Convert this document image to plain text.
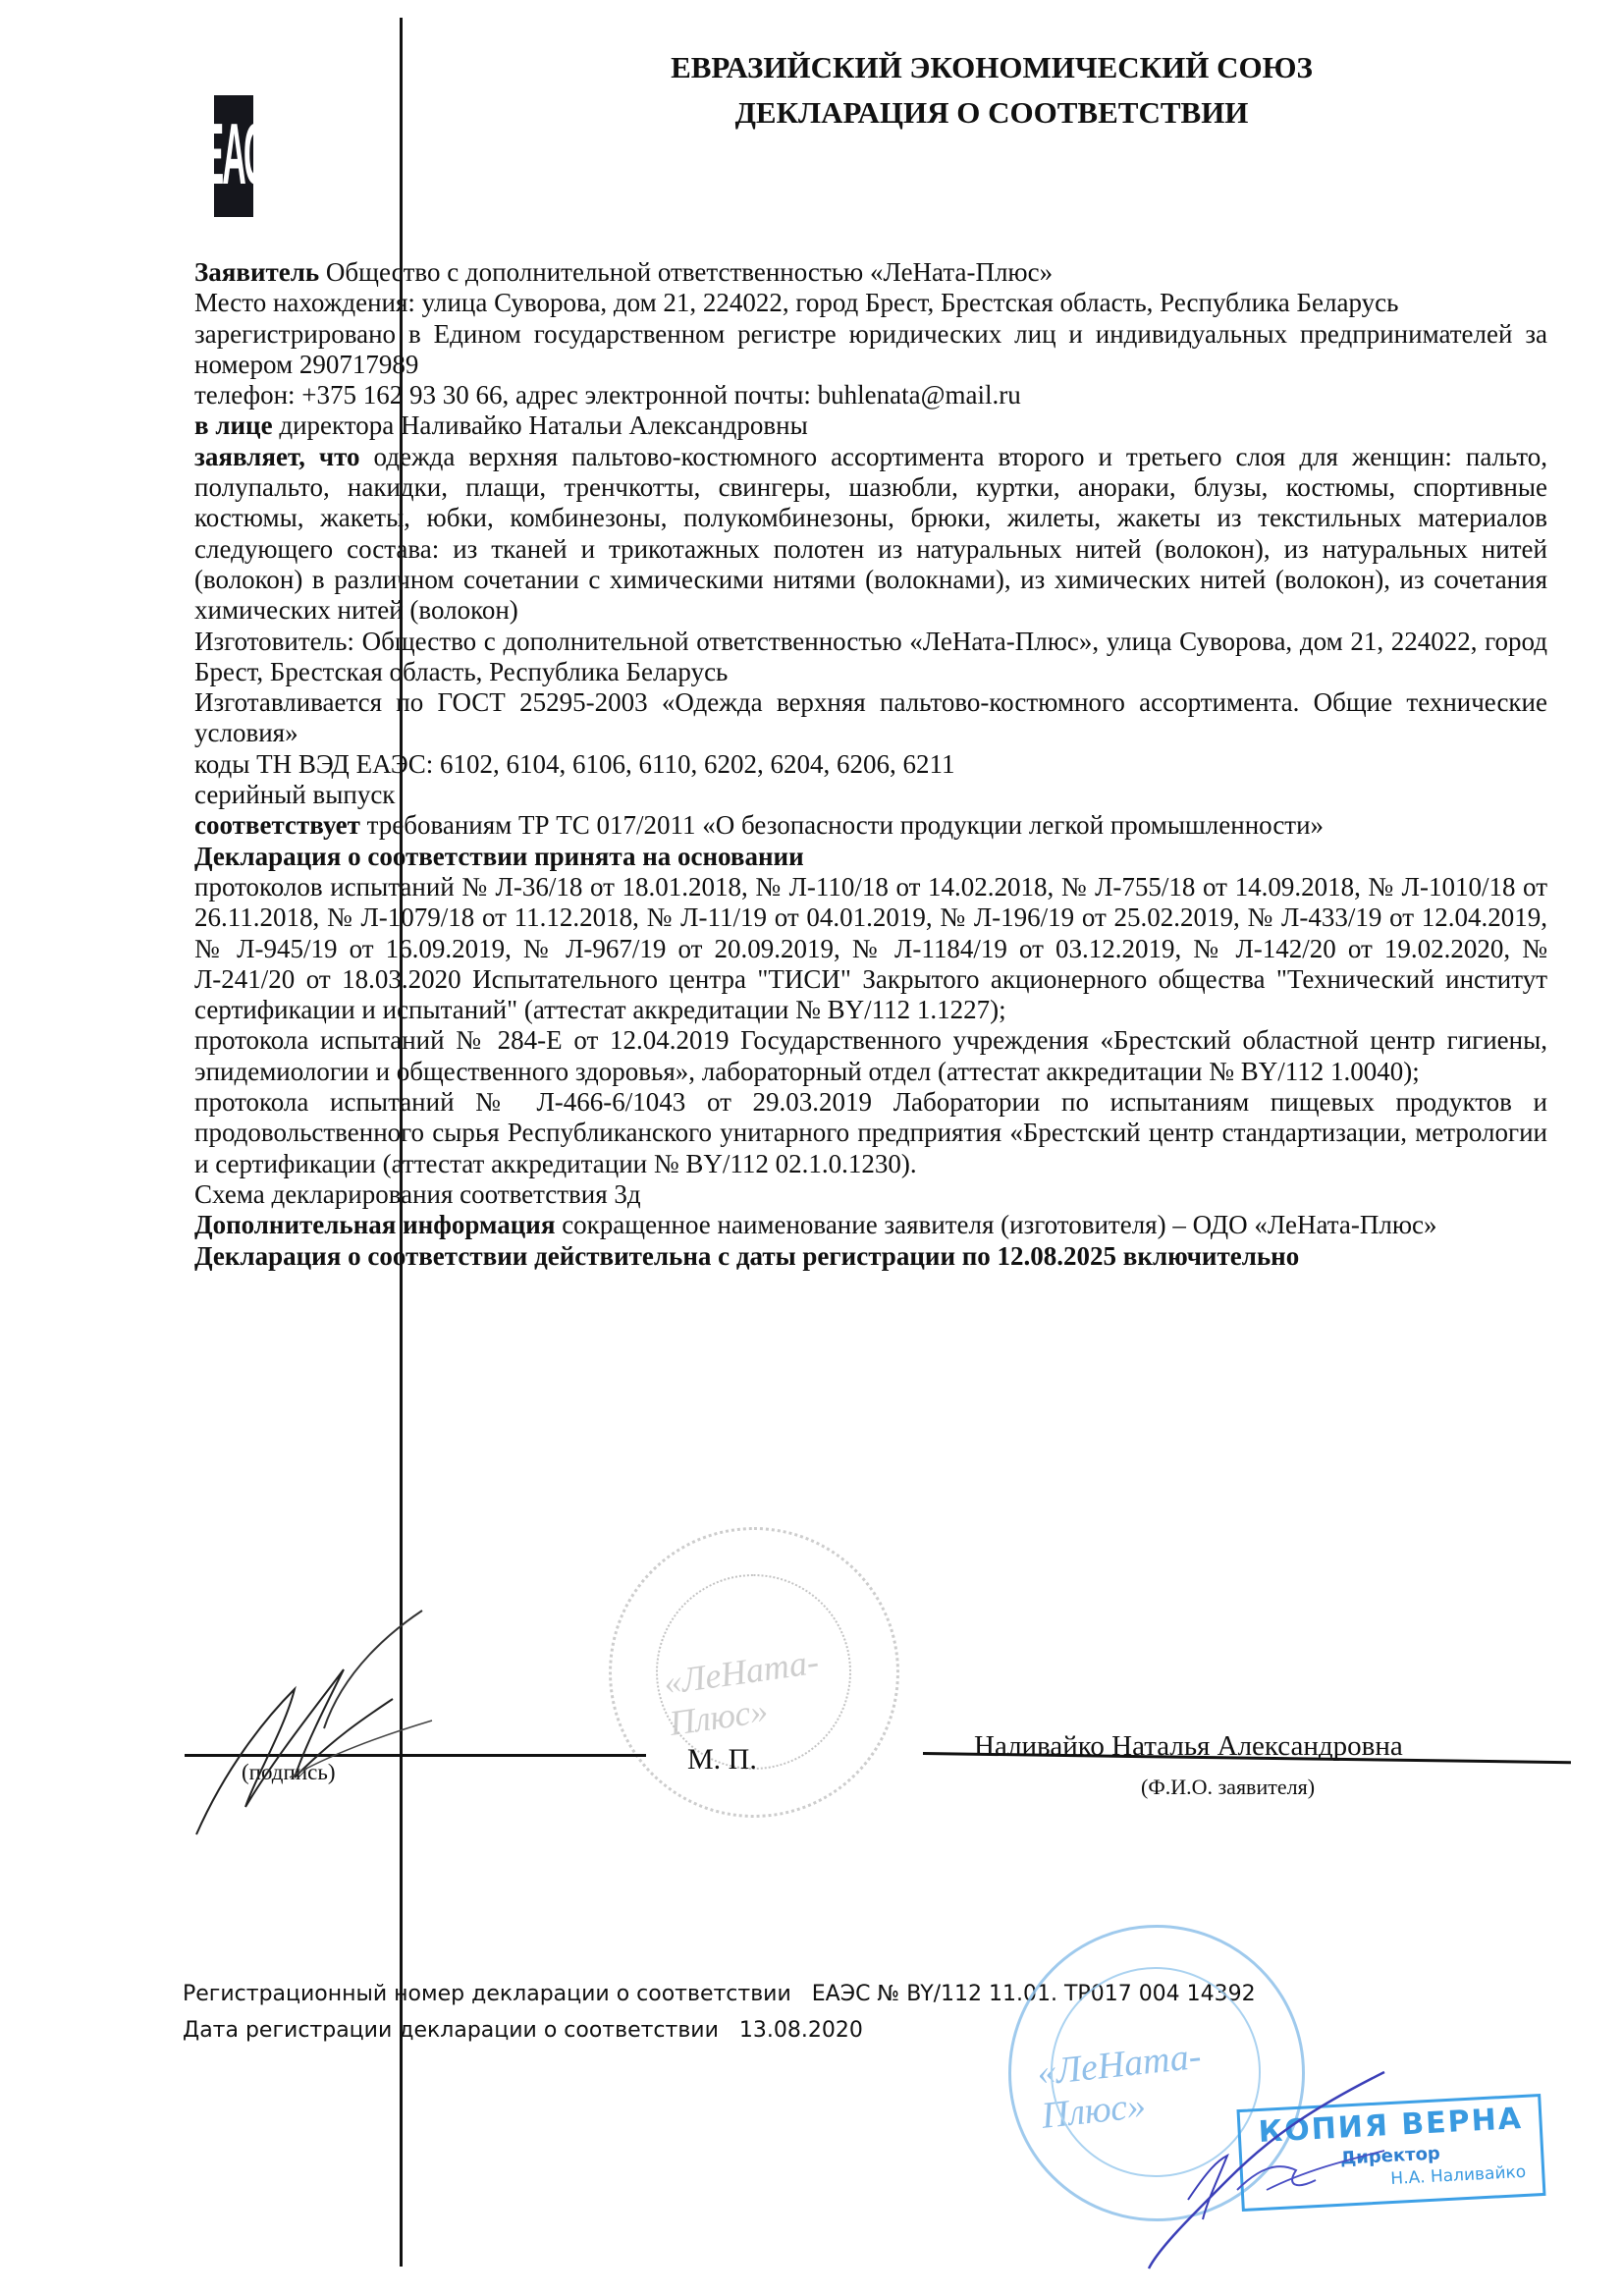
ЕАС
ЕВРАЗИЙСКИЙ ЭКОНОМИЧЕСКИЙ СОЮЗ
ДЕКЛАРАЦИЯ О СООТВЕТСТВИИ

Заявитель Общество с дополнительной ответственностью «ЛеНата-Плюс»

Место нахождения: улица Суворова, дом 21, 224022, город Брест, Брестская область, Республика Беларусь

зарегистрировано в Едином государственном регистре юридических лиц и индивидуальных предпринимателей за номером 290717989

телефон: +375 162 93 30 66, адрес электронной почты: buhlenata@mail.ru

в лице директора Наливайко Натальи Александровны

заявляет, что одежда верхняя пальтово-костюмного ассортимента второго и третьего слоя для женщин: пальто, полупальто, накидки, плащи, тренчкотты, свингеры, шазюбли, куртки, анораки, блузы, костюмы, спортивные костюмы, жакеты, юбки, комбинезоны, полукомбинезоны, брюки, жилеты, жакеты из текстильных материалов следующего состава: из тканей и трикотажных полотен из натуральных нитей (волокон), из натуральных нитей (волокон) в различном сочетании с химическими нитями (волокнами), из химических нитей (волокон), из сочетания химических нитей (волокон)

Изготовитель: Общество с дополнительной ответственностью «ЛеНата-Плюс», улица Суворова, дом 21, 224022, город Брест, Брестская область, Республика Беларусь

Изготавливается по ГОСТ 25295-2003 «Одежда верхняя пальтово-костюмного ассортимента. Общие технические условия»

коды ТН ВЭД ЕАЭС: 6102, 6104, 6106, 6110, 6202, 6204, 6206, 6211

серийный выпуск

соответствует требованиям ТР ТС 017/2011 «О безопасности продукции легкой промышленности»

Декларация о соответствии принята на основании

протоколов испытаний № Л-36/18 от 18.01.2018, № Л-110/18 от 14.02.2018, № Л-755/18 от 14.09.2018, № Л-1010/18 от 26.11.2018, № Л-1079/18 от 11.12.2018, № Л-11/19 от 04.01.2019, № Л-196/19 от 25.02.2019, № Л-433/19 от 12.04.2019, № Л-945/19 от 16.09.2019, № Л-967/19 от 20.09.2019, № Л-1184/19 от 03.12.2019, № Л-142/20 от 19.02.2020, № Л-241/20 от 18.03.2020 Испытательного центра "ТИСИ" Закрытого акционерного общества "Технический институт сертификации и испытаний" (аттестат аккредитации № BY/112 1.1227);

протокола испытаний № 284-Е от 12.04.2019 Государственного учреждения «Брестский областной центр гигиены, эпидемиологии и общественного здоровья», лабораторный отдел (аттестат аккредитации № BY/112 1.0040);

протокола испытаний № Л-466-6/1043 от 29.03.2019 Лаборатории по испытаниям пищевых продуктов и продовольственного сырья Республиканского унитарного предприятия «Брестский центр стандартизации, метрологии и сертификации (аттестат аккредитации № BY/112 02.1.0.1230).

Схема декларирования соответствия 3д

Дополнительная информация сокращенное наименование заявителя (изготовителя) – ОДО «ЛеНата-Плюс»

Декларация о соответствии действительна с даты регистрации по 12.08.2025 включительно

«ЛеНата-Плюс»
(подпись)	М. П.	Наливайко Наталья Александровна
(Ф.И.О. заявителя)
Регистрационный номер декларации о соответствии ЕАЭС № BY/112 11.01. ТР017 004 14392
Дата регистрации декларации о соответствии 13.08.2020
«ЛеНата-Плюс»	КОПИЯ ВЕРНА
Директор
Н.А. Наливайко
